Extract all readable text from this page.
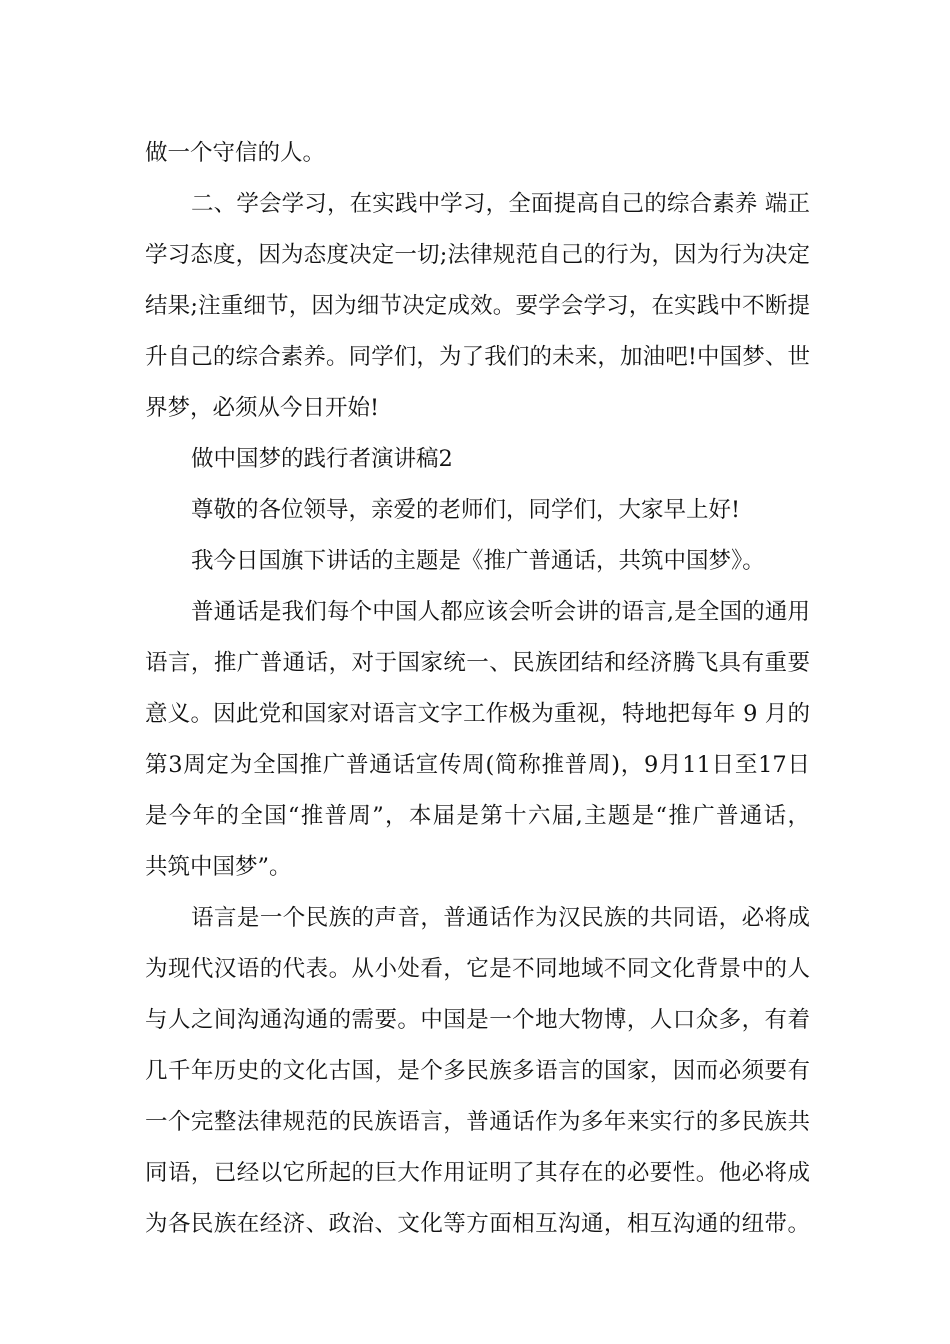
做一个守信的人。
二、学会学习，在实践中学习，全面提高自己的综合素养 端正
学习态度，因为态度决定一切;法律规范自己的行为，因为行为决定
结果;注重细节，因为细节决定成效。要学会学习，在实践中不断提
升自己的综合素养。同学们，为了我们的未来，加油吧!中国梦、世
界梦，必须从今日开始!
做中国梦的践行者演讲稿2
尊敬的各位领导，亲爱的老师们，同学们，大家早上好!
我今日国旗下讲话的主题是《推广普通话，共筑中国梦》。
普通话是我们每个中国人都应该会听会讲的语言,是全国的通用
语言，推广普通话，对于国家统一、民族团结和经济腾飞具有重要
意义。因此党和国家对语言文字工作极为重视，特地把每年 9 月的
第3周定为全国推广普通话宣传周(简称推普周)，9月11日至17日
是今年的全国“推普周”，本届是第十六届,主题是“推广普通话，
共筑中国梦”。
语言是一个民族的声音，普通话作为汉民族的共同语，必将成
为现代汉语的代表。从小处看，它是不同地域不同文化背景中的人
与人之间沟通沟通的需要。中国是一个地大物博，人口众多，有着
几千年历史的文化古国，是个多民族多语言的国家，因而必须要有
一个完整法律规范的民族语言，普通话作为多年来实行的多民族共
同语，已经以它所起的巨大作用证明了其存在的必要性。他必将成
为各民族在经济、政治、文化等方面相互沟通，相互沟通的纽带。
